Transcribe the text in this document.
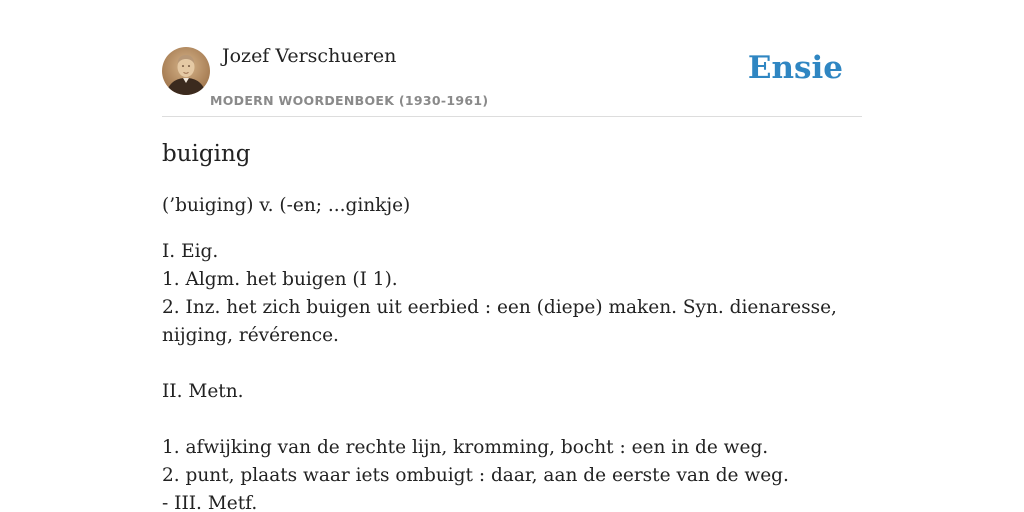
Jozef Verschueren
MODERN WOORDENBOEK (1930-1961)
Ensie
buiging
(’buiging) v. (-en; ...ginkje)
I. Eig.
1. Algm. het buigen (I 1).
2. Inz. het zich buigen uit eerbied : een (diepe) maken. Syn. dienaresse, nijging, révérence.
II. Metn.
1. afwijking van de rechte lijn, kromming, bocht : een in de weg.
2. punt, plaats waar iets ombuigt : daar, aan de eerste van de weg.
- III. Metf.
